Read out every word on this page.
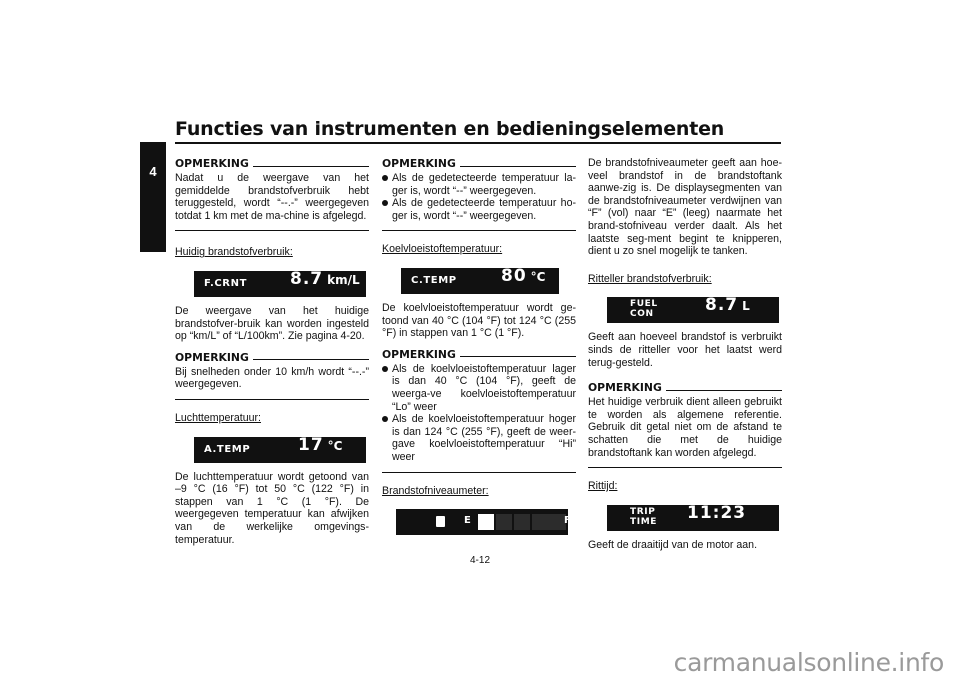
Functies van instrumenten en bedieningselementen
4
OPMERKING
Nadat u de weergave van het gemiddelde brandstofverbruik hebt teruggesteld, wordt “--.-” weergegeven totdat 1 km met de ma-chine is afgelegd.
Huidig brandstofverbruik:
F.CRNT	8.7 km/L
De weergave van het huidige brandstofver-bruik kan worden ingesteld op “km/L” of “L/100km”. Zie pagina 4-20.
OPMERKING
Bij snelheden onder 10 km/h wordt “--.-” weergegeven.
Luchttemperatuur:
A.TEMP	17 °C
De luchttemperatuur wordt getoond van –9 °C (16 °F) tot 50 °C (122 °F) in stappen van 1 °C (1 °F). De weergegeven temperatuur kan afwijken van de werkelijke omgevings-temperatuur.
OPMERKING
Als de gedetecteerde temperatuur la-ger is, wordt “--” weergegeven.
Als de gedetecteerde temperatuur ho-ger is, wordt “--” weergegeven.
Koelvloeistoftemperatuur:
C.TEMP	80 °C
De koelvloeistoftemperatuur wordt ge-toond van 40 °C (104 °F) tot 124 °C (255 °F) in stappen van 1 °C (1 °F).
OPMERKING
Als de koelvloeistoftemperatuur lager is dan 40 °C (104 °F), geeft de weerga-ve koelvloeistoftemperatuur “Lo” weer
Als de koelvloeistoftemperatuur hoger is dan 124 °C (255 °F), geeft de weer-gave koelvloeistoftemperatuur “Hi” weer
Brandstofniveaumeter:
E	F
De brandstofniveaumeter geeft aan hoe-veel brandstof in de brandstoftank aanwe-zig is. De displaysegmenten van de brandstofniveaumeter verdwijnen van “F” (vol) naar “E” (leeg) naarmate het brand-stofniveau verder daalt. Als het laatste seg-ment begint te knipperen, dient u zo snel mogelijk te tanken.
Ritteller brandstofverbruik:
FUEL
CON	8.7 L
Geeft aan hoeveel brandstof is verbruikt sinds de ritteller voor het laatst werd terug-gesteld.
OPMERKING
Het huidige verbruik dient alleen gebruikt te worden als algemene referentie. Gebruik dit getal niet om de afstand te schatten die met de huidige brandstoftank kan worden afgelegd.
Rittijd:
TRIP
TIME 11:23
Geeft de draaitijd van de motor aan.
4-12
carmanualsonline.info
